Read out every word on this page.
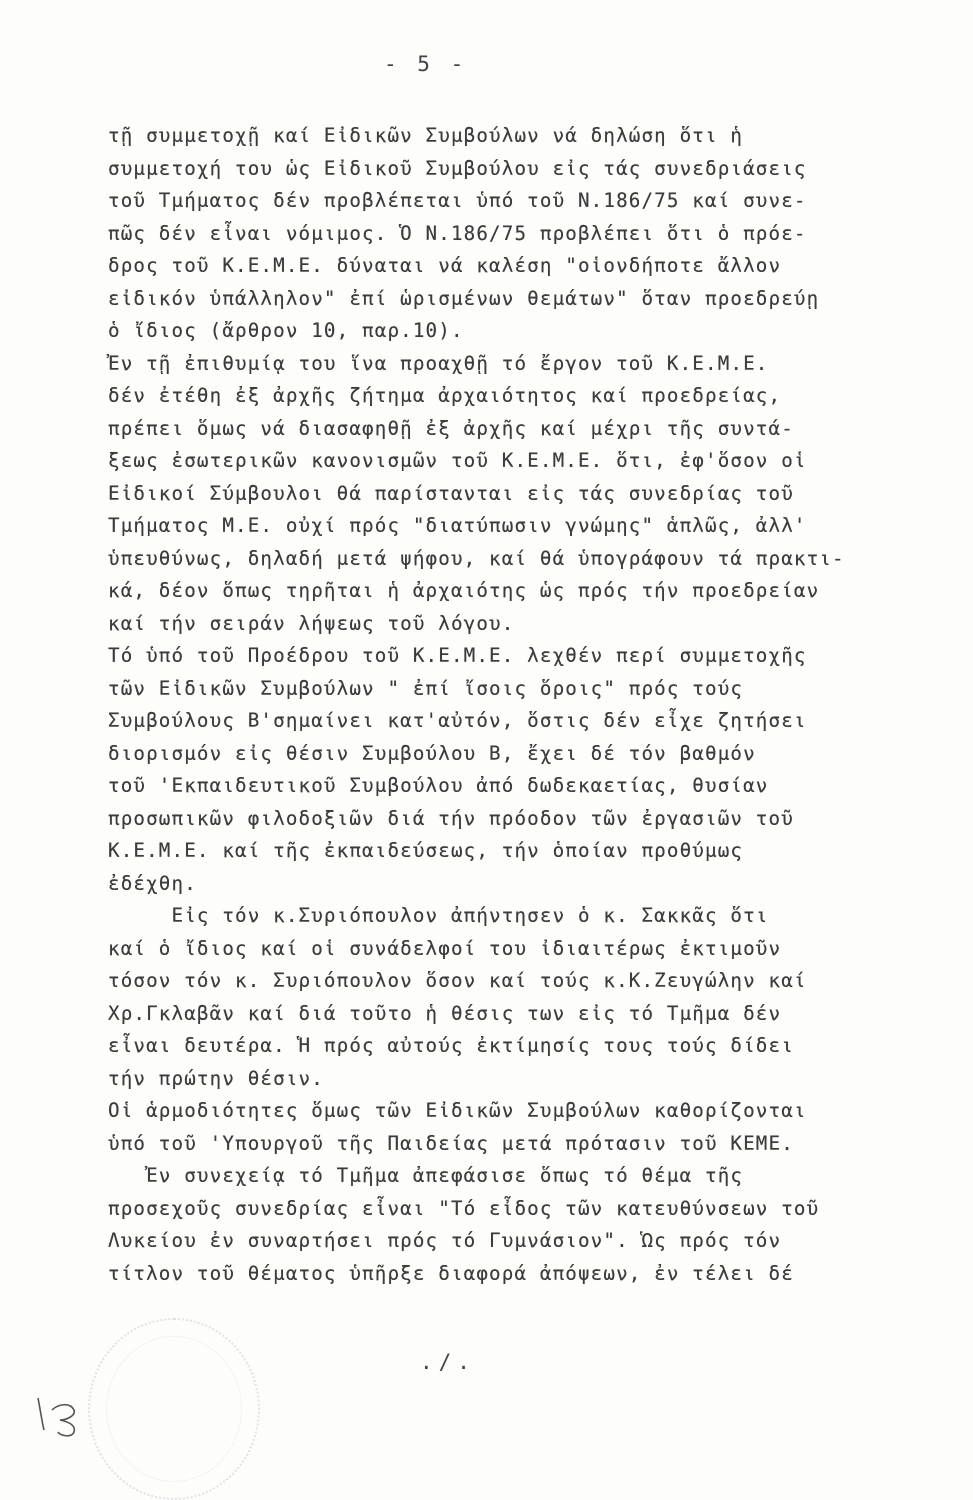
- 5 -
τῇ συμμετοχῇ καί Εἰδικῶν Συμβούλων νά δηλώση ὅτι ἡ
συμμετοχή του ὡς Εἰδικοῦ Συμβούλου εἰς τάς συνεδριάσεις
τοῦ Τμήματος δέν προβλέπεται ὑπό τοῦ Ν.186/75 καί συνε-
πῶς δέν εἶναι νόμιμος. Ὁ Ν.186/75 προβλέπει ὅτι ὁ πρόε-
δρος τοῦ Κ.Ε.Μ.Ε. δύναται νά καλέση "οἱονδήποτε ἄλλον
εἰδικόν ὑπάλληλον" ἐπί ὡρισμένων θεμάτων" ὅταν προεδρεύῃ
ὁ ἴδιος (ἄρθρον 10, παρ.10).
Ἐν τῇ ἐπιθυμίᾳ του ἵνα προαχθῇ τό ἔργον τοῦ Κ.Ε.Μ.Ε.
δέν ἐτέθη ἐξ ἀρχῆς ζήτημα ἀρχαιότητος καί προεδρείας,
πρέπει ὅμως νά διασαφηθῇ ἐξ ἀρχῆς καί μέχρι τῆς συντά-
ξεως ἐσωτερικῶν κανονισμῶν τοῦ Κ.Ε.Μ.Ε. ὅτι, ἐφ'ὅσον οἱ
Εἰδικοί Σύμβουλοι θά παρίστανται εἰς τάς συνεδρίας τοῦ
Τμήματος Μ.Ε. οὐχί πρός "διατύπωσιν γνώμης" ἁπλῶς, ἀλλ'
ὑπευθύνως, δηλαδή μετά ψήφου, καί θά ὑπογράφουν τά πρακτι-
κά, δέον ὅπως τηρῆται ἡ ἀρχαιότης ὡς πρός τήν προεδρείαν
καί τήν σειράν λήψεως τοῦ λόγου.
Τό ὑπό τοῦ Προέδρου τοῦ Κ.Ε.Μ.Ε. λεχθέν περί συμμετοχῆς
τῶν Εἰδικῶν Συμβούλων " ἐπί ἴσοις ὅροις" πρός τούς
Συμβούλους Β'σημαίνει κατ'αὐτόν, ὅστις δέν εἶχε ζητήσει
διορισμόν εἰς θέσιν Συμβούλου Β, ἔχει δέ τόν βαθμόν
τοῦ 'Εκπαιδευτικοῦ Συμβούλου ἀπό δωδεκαετίας, θυσίαν
προσωπικῶν φιλοδοξιῶν διά τήν πρόοδον τῶν ἐργασιῶν τοῦ
Κ.Ε.Μ.Ε. καί τῆς ἐκπαιδεύσεως, τήν ὁποίαν προθύμως
ἐδέχθη.
Εἰς τόν κ.Συριόπουλον ἀπήντησεν ὁ κ. Σακκᾶς ὅτι
καί ὁ ἴδιος καί οἱ συνάδελφοί του ἰδιαιτέρως ἐκτιμοῦν
τόσον τόν κ. Συριόπουλον ὅσον καί τούς κ.Κ.Ζευγώλην καί
Χρ.Γκλαβᾶν καί διά τοῦτο ἡ θέσις των εἰς τό Τμῆμα δέν
εἶναι δευτέρα. Ἡ πρός αὐτούς ἐκτίμησίς τους τούς δίδει
τήν πρώτην θέσιν.
Οἱ ἁρμοδιότητες ὅμως τῶν Εἰδικῶν Συμβούλων καθορίζονται
ὑπό τοῦ 'Υπουργοῦ τῆς Παιδείας μετά πρότασιν τοῦ ΚΕΜΕ.
Ἐν συνεχείᾳ τό Τμῆμα ἀπεφάσισε ὅπως τό θέμα τῆς
προσεχοῦς συνεδρίας εἶναι "Τό εἶδος τῶν κατευθύνσεων τοῦ
Λυκείου ἐν συναρτήσει πρός τό Γυμνάσιον". Ὡς πρός τόν
τίτλον τοῦ θέματος ὑπῆρξε διαφορά ἀπόψεων, ἐν τέλει δέ
./.
